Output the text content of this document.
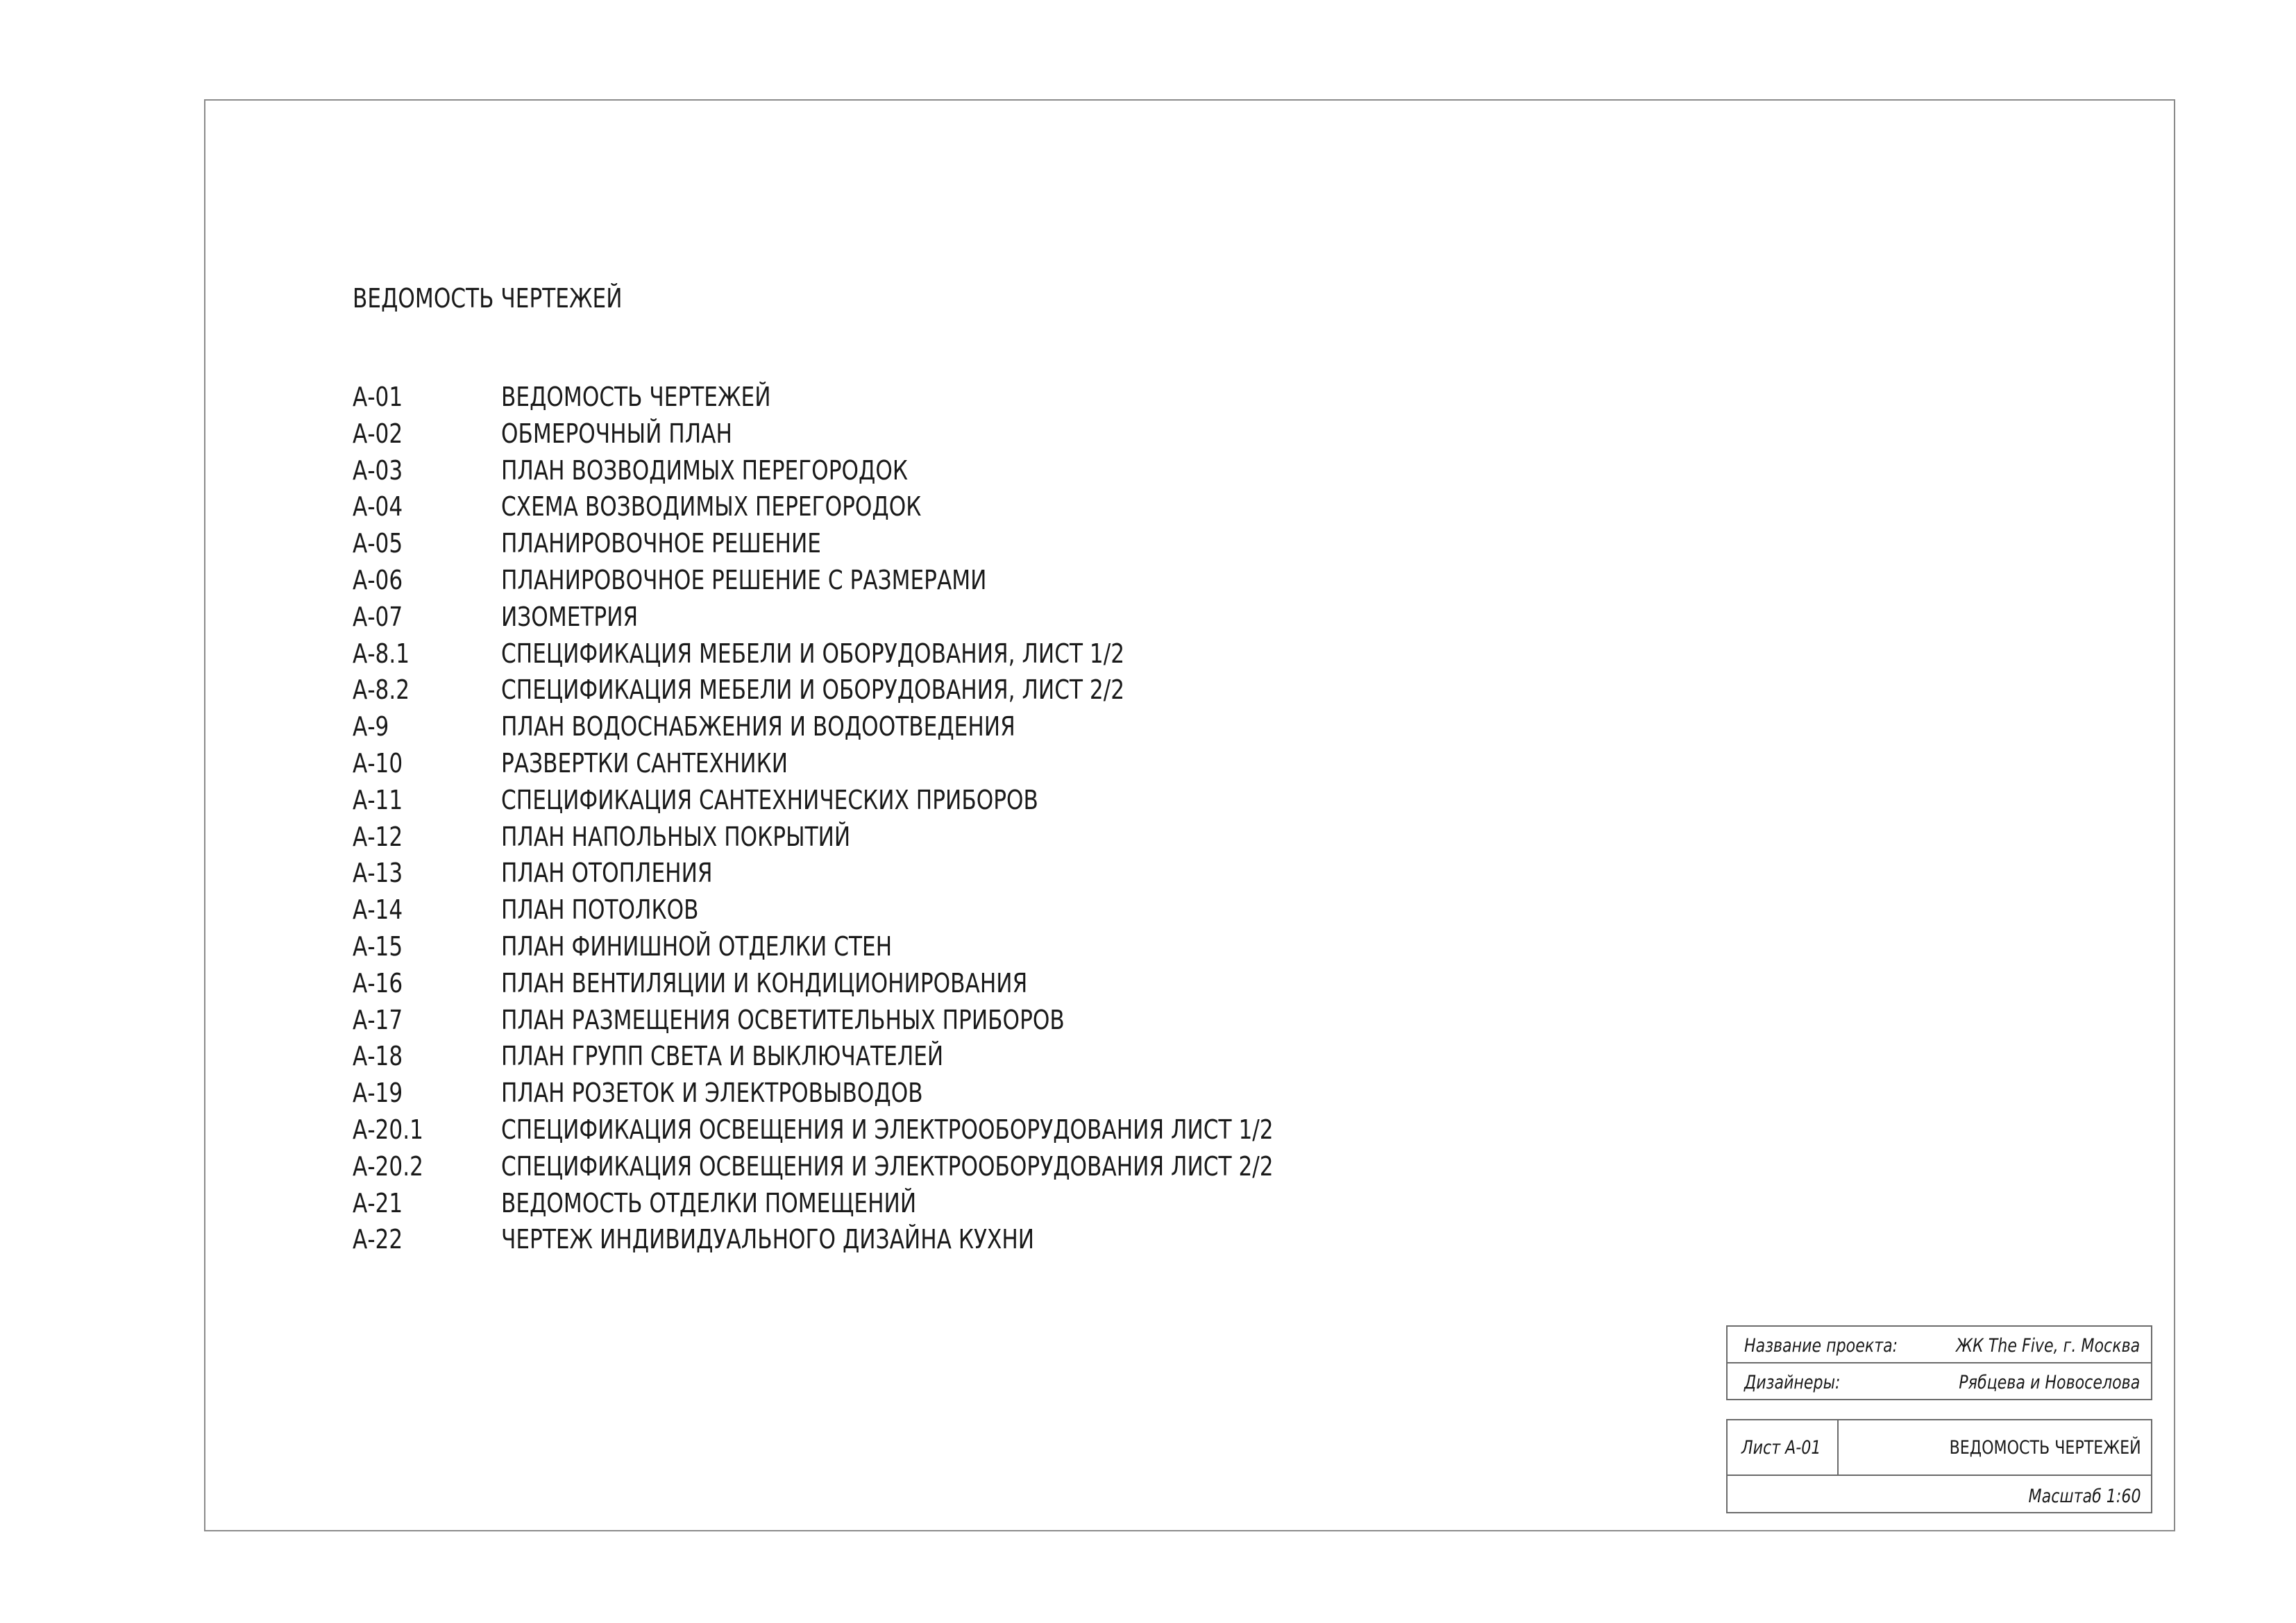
ВЕДОМОСТЬ ЧЕРТЕЖЕЙ
А-01	ВЕДОМОСТЬ ЧЕРТЕЖЕЙ
А-02	ОБМЕРОЧНЫЙ ПЛАН
А-03	ПЛАН ВОЗВОДИМЫХ ПЕРЕГОРОДОК
А-04	СХЕМА ВОЗВОДИМЫХ ПЕРЕГОРОДОК
А-05	ПЛАНИРОВОЧНОЕ РЕШЕНИЕ
А-06	ПЛАНИРОВОЧНОЕ РЕШЕНИЕ С РАЗМЕРАМИ
А-07	ИЗОМЕТРИЯ
А-8.1	СПЕЦИФИКАЦИЯ МЕБЕЛИ И ОБОРУДОВАНИЯ, ЛИСТ 1/2
А-8.2	СПЕЦИФИКАЦИЯ МЕБЕЛИ И ОБОРУДОВАНИЯ, ЛИСТ 2/2
А-9	ПЛАН ВОДОСНАБЖЕНИЯ И ВОДООТВЕДЕНИЯ
А-10	РАЗВЕРТКИ САНТЕХНИКИ
А-11	СПЕЦИФИКАЦИЯ САНТЕХНИЧЕСКИХ ПРИБОРОВ
А-12	ПЛАН НАПОЛЬНЫХ ПОКРЫТИЙ
А-13	ПЛАН ОТОПЛЕНИЯ
А-14	ПЛАН ПОТОЛКОВ
А-15	ПЛАН ФИНИШНОЙ ОТДЕЛКИ СТЕН
А-16	ПЛАН ВЕНТИЛЯЦИИ И КОНДИЦИОНИРОВАНИЯ
А-17	ПЛАН РАЗМЕЩЕНИЯ ОСВЕТИТЕЛЬНЫХ ПРИБОРОВ
А-18	ПЛАН ГРУПП СВЕТА И ВЫКЛЮЧАТЕЛЕЙ
А-19	ПЛАН РОЗЕТОК И ЭЛЕКТРОВЫВОДОВ
А-20.1	СПЕЦИФИКАЦИЯ ОСВЕЩЕНИЯ И ЭЛЕКТРООБОРУДОВАНИЯ ЛИСТ 1/2
А-20.2	СПЕЦИФИКАЦИЯ ОСВЕЩЕНИЯ И ЭЛЕКТРООБОРУДОВАНИЯ ЛИСТ 2/2
А-21	ВЕДОМОСТЬ ОТДЕЛКИ ПОМЕЩЕНИЙ
А-22	ЧЕРТЕЖ ИНДИВИДУАЛЬНОГО ДИЗАЙНА КУХНИ
Название проекта:	ЖК The Five, г. Москва
Дизайнеры:	Рябцева и Новоселова
Лист А-01	ВЕДОМОСТЬ ЧЕРТЕЖЕЙ
Масштаб 1:60
